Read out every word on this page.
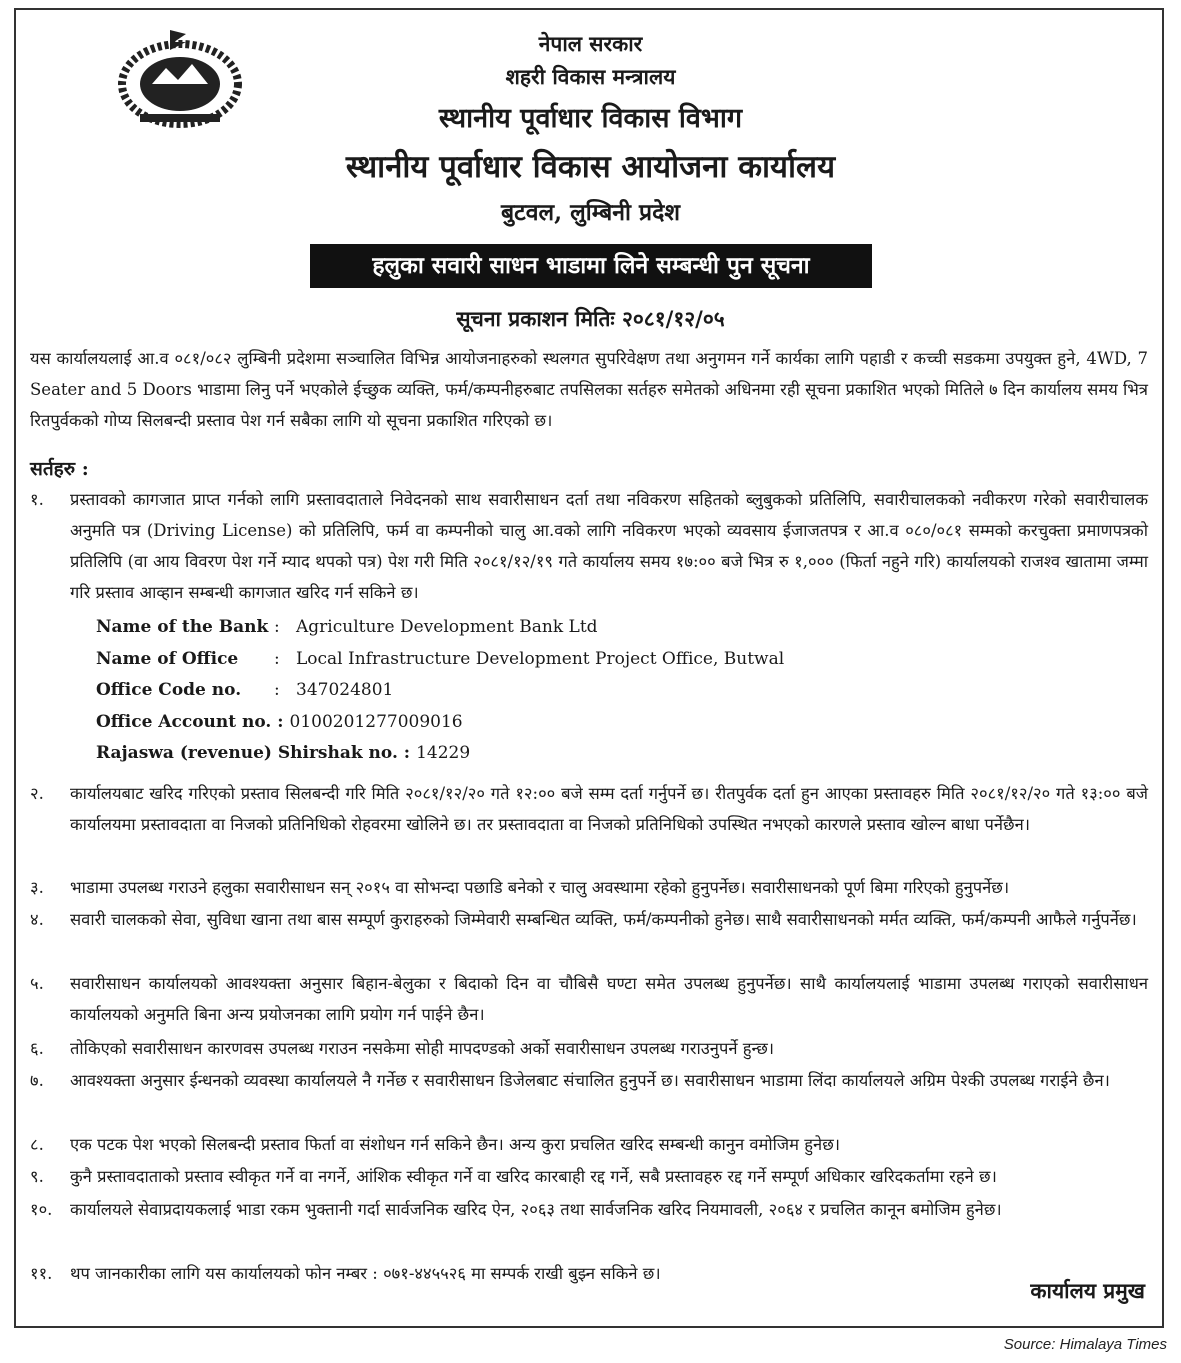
नेपाल सरकार
शहरी विकास मन्त्रालय
स्थानीय पूर्वाधार विकास विभाग
स्थानीय पूर्वाधार विकास आयोजना कार्यालय
बुटवल, लुम्बिनी प्रदेश
हलुका सवारी साधन भाडामा लिने सम्बन्धी पुन सूचना
सूचना प्रकाशन मितिः २०८१/१२/०५
यस कार्यालयलाई आ.व ०८१/०८२ लुम्बिनी प्रदेशमा सञ्चालित विभिन्न आयोजनाहरुको स्थलगत सुपरिवेक्षण तथा अनुगमन गर्ने कार्यका लागि पहाडी र कच्ची सडकमा उपयुक्त हुने, 4WD, 7 Seater and 5 Doors भाडामा लिनु पर्ने भएकोले ईच्छुक व्यक्ति, फर्म/कम्पनीहरुबाट तपसिलका सर्तहरु समेतको अधिनमा रही सूचना प्रकाशित भएको मितिले ७ दिन कार्यालय समय भित्र रितपुर्वकको गोप्य सिलबन्दी प्रस्ताव पेश गर्न सबैका लागि यो सूचना प्रकाशित गरिएको छ।
सर्तहरु :
१.	प्रस्तावको कागजात प्राप्त गर्नको लागि प्रस्तावदाताले निवेदनको साथ सवारीसाधन दर्ता तथा नविकरण सहितको ब्लुबुकको प्रतिलिपि, सवारीचालकको नवीकरण गरेको सवारीचालक अनुमति पत्र (Driving License) को प्रतिलिपि, फर्म वा कम्पनीको चालु आ.वको लागि नविकरण भएको व्यवसाय ईजाजतपत्र र आ.व ०८०/०८१ सम्मको करचुक्ता प्रमाणपत्रको प्रतिलिपि (वा आय विवरण पेश गर्ने म्याद थपको पत्र) पेश गरी मिति २०८१/१२/१९ गते कार्यालय समय १७:०० बजे भित्र रु १,००० (फिर्ता नहुने गरि) कार्यालयको राजश्व खातामा जम्मा गरि प्रस्ताव आव्हान सम्बन्धी कागजात खरिद गर्न सकिने छ।
Name of the Bank : Agriculture Development Bank Ltd
Name of Office : Local Infrastructure Development Project Office, Butwal
Office Code no. : 347024801
Office Account no. : 0100201277009016
Rajaswa (revenue) Shirshak no. : 14229
२.	कार्यालयबाट खरिद गरिएको प्रस्ताव सिलबन्दी गरि मिति २०८१/१२/२० गते १२:०० बजे सम्म दर्ता गर्नुपर्ने छ। रीतपुर्वक दर्ता हुन आएका प्रस्तावहरु मिति २०८१/१२/२० गते १३:०० बजे कार्यालयमा प्रस्तावदाता वा निजको प्रतिनिधिको रोहवरमा खोलिने छ। तर प्रस्तावदाता वा निजको प्रतिनिधिको उपस्थित नभएको कारणले प्रस्ताव खोल्न बाधा पर्नेछैन।
३.	भाडामा उपलब्ध गराउने हलुका सवारीसाधन सन् २०१५ वा सोभन्दा पछाडि बनेको र चालु अवस्थामा रहेको हुनुपर्नेछ। सवारीसाधनको पूर्ण बिमा गरिएको हुनुपर्नेछ।
४.	सवारी चालकको सेवा, सुविधा खाना तथा बास सम्पूर्ण कुराहरुको जिम्मेवारी सम्बन्धित व्यक्ति, फर्म/कम्पनीको हुनेछ। साथै सवारीसाधनको मर्मत व्यक्ति, फर्म/कम्पनी आफैले गर्नुपर्नेछ।
५.	सवारीसाधन कार्यालयको आवश्यक्ता अनुसार बिहान-बेलुका र बिदाको दिन वा चौबिसै घण्टा समेत उपलब्ध हुनुपर्नेछ। साथै कार्यालयलाई भाडामा उपलब्ध गराएको सवारीसाधन कार्यालयको अनुमति बिना अन्य प्रयोजनका लागि प्रयोग गर्न पाईने छैन।
६.	तोकिएको सवारीसाधन कारणवस उपलब्ध गराउन नसकेमा सोही मापदण्डको अर्को सवारीसाधन उपलब्ध गराउनुपर्ने हुन्छ।
७.	आवश्यक्ता अनुसार ईन्धनको व्यवस्था कार्यालयले नै गर्नेछ र सवारीसाधन डिजेलबाट संचालित हुनुपर्ने छ। सवारीसाधन भाडामा लिंदा कार्यालयले अग्रिम पेश्की उपलब्ध गराईने छैन।
८.	एक पटक पेश भएको सिलबन्दी प्रस्ताव फिर्ता वा संशोधन गर्न सकिने छैन। अन्य कुरा प्रचलित खरिद सम्बन्धी कानुन वमोजिम हुनेछ।
९.	कुनै प्रस्तावदाताको प्रस्ताव स्वीकृत गर्ने वा नगर्ने, आंशिक स्वीकृत गर्ने वा खरिद कारबाही रद्द गर्ने, सबै प्रस्तावहरु रद्द गर्ने सम्पूर्ण अधिकार खरिदकर्तामा रहने छ।
१०.	कार्यालयले सेवाप्रदायकलाई भाडा रकम भुक्तानी गर्दा सार्वजनिक खरिद ऐन, २०६३ तथा सार्वजनिक खरिद नियमावली, २०६४ र प्रचलित कानून बमोजिम हुनेछ।
११.	थप जानकारीका लागि यस कार्यालयको फोन नम्बर : ०७१-४४५५२६ मा सम्पर्क राखी बुझ्न सकिने छ।
कार्यालय प्रमुख
Source: Himalaya Times
